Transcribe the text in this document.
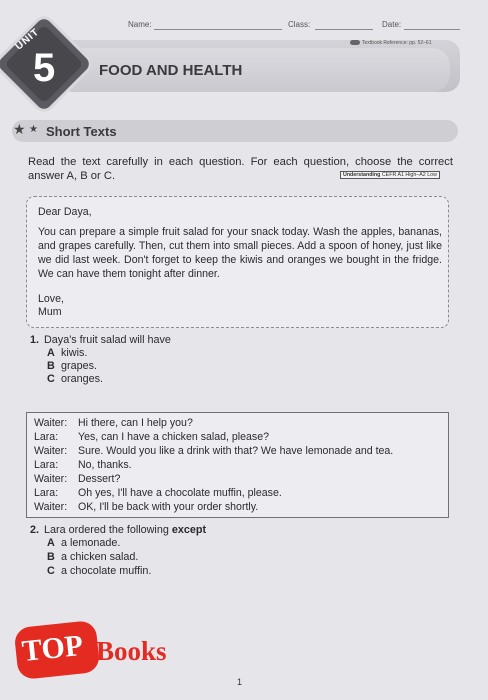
Name:	Class:	Date:
Textbook Reference: pp. 52–61
UNIT
5	FOOD AND HEALTH
★ ★ Short Texts
Read the text carefully in each question. For each question, choose the correct answer A, B or C.	Understanding CEFR A1 High–A2 Low
Dear Daya,
You can prepare a simple fruit salad for your snack today. Wash the apples, bananas, and grapes carefully. Then, cut them into small pieces. Add a spoon of honey, just like we did last week. Don't forget to keep the kiwis and oranges we bought in the fridge. We can have them tonight after dinner.
Love,
Mum
1. Daya's fruit salad will have
A kiwis.
B grapes.
C oranges.
Waiter: Hi there, can I help you?
Lara: Yes, can I have a chicken salad, please?
Waiter: Sure. Would you like a drink with that? We have lemonade and tea.
Lara: No, thanks.
Waiter: Dessert?
Lara: Oh yes, I'll have a chocolate muffin, please.
Waiter: OK, I'll be back with your order shortly.
2. Lara ordered the following except
A a lemonade.
B a chicken salad.
C a chocolate muffin.
TOP Books
1
